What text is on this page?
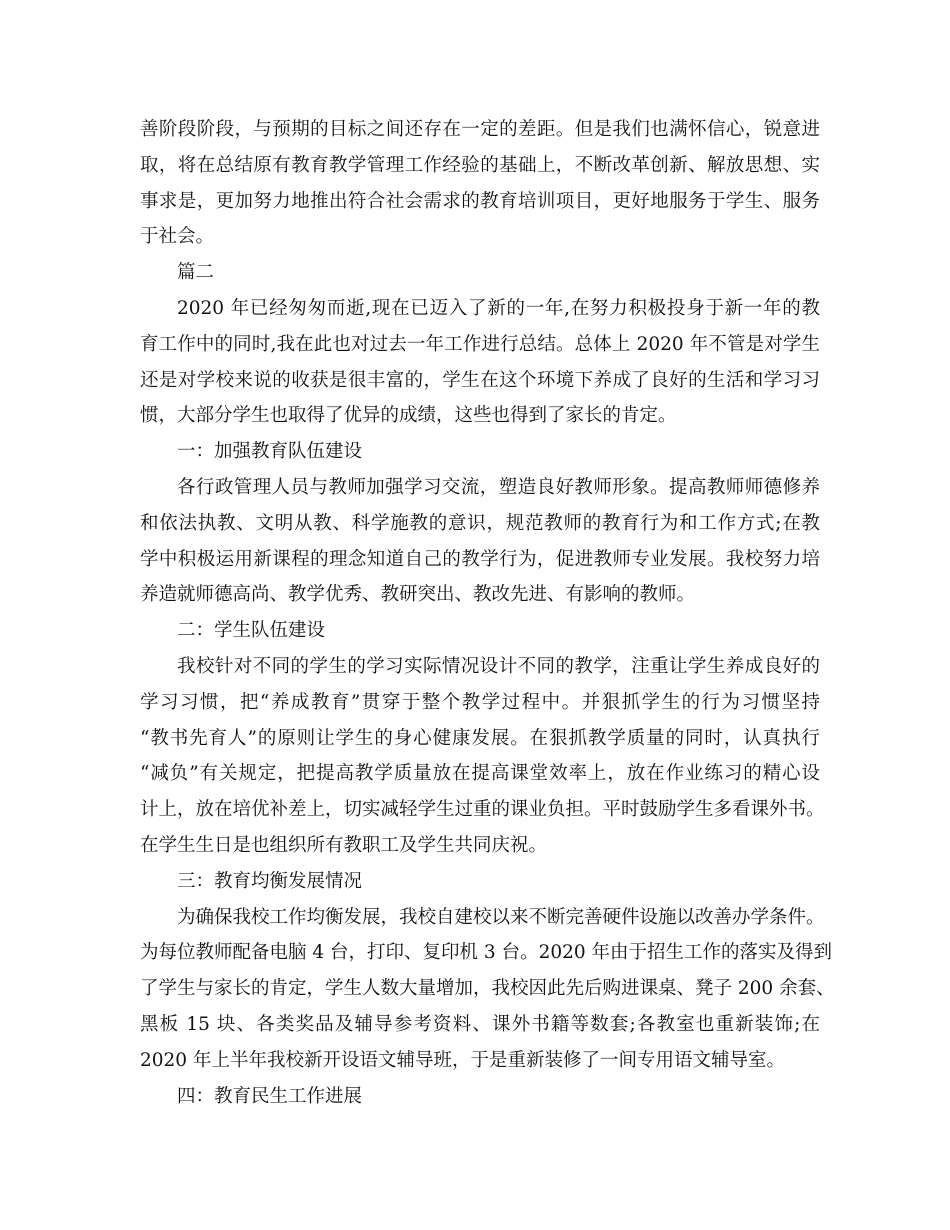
善阶段阶段，与预期的目标之间还存在一定的差距。但是我们也满怀信心，锐意进
取，将在总结原有教育教学管理工作经验的基础上，不断改革创新、解放思想、实
事求是，更加努力地推出符合社会需求的教育培训项目，更好地服务于学生、服务
于社会。
篇二
2020 年已经匆匆而逝,现在已迈入了新的一年,在努力积极投身于新一年的教
育工作中的同时,我在此也对过去一年工作进行总结。总体上 2020 年不管是对学生
还是对学校来说的收获是很丰富的，学生在这个环境下养成了良好的生活和学习习
惯，大部分学生也取得了优异的成绩，这些也得到了家长的肯定。
一：加强教育队伍建设
各行政管理人员与教师加强学习交流，塑造良好教师形象。提高教师师德修养
和依法执教、文明从教、科学施教的意识，规范教师的教育行为和工作方式;在教
学中积极运用新课程的理念知道自己的教学行为，促进教师专业发展。我校努力培
养造就师德高尚、教学优秀、教研突出、教改先进、有影响的教师。
二：学生队伍建设
我校针对不同的学生的学习实际情况设计不同的教学，注重让学生养成良好的
学习习惯，把“养成教育”贯穿于整个教学过程中。并狠抓学生的行为习惯坚持
“教书先育人”的原则让学生的身心健康发展。在狠抓教学质量的同时，认真执行
“减负”有关规定，把提高教学质量放在提高课堂效率上，放在作业练习的精心设
计上，放在培优补差上，切实减轻学生过重的课业负担。平时鼓励学生多看课外书。
在学生生日是也组织所有教职工及学生共同庆祝。
三：教育均衡发展情况
为确保我校工作均衡发展，我校自建校以来不断完善硬件设施以改善办学条件。
为每位教师配备电脑 4 台，打印、复印机 3 台。2020 年由于招生工作的落实及得到
了学生与家长的肯定，学生人数大量增加，我校因此先后购进课桌、凳子 200 余套、
黑板 15 块、各类奖品及辅导参考资料、课外书籍等数套;各教室也重新装饰;在
2020 年上半年我校新开设语文辅导班，于是重新装修了一间专用语文辅导室。
四：教育民生工作进展
